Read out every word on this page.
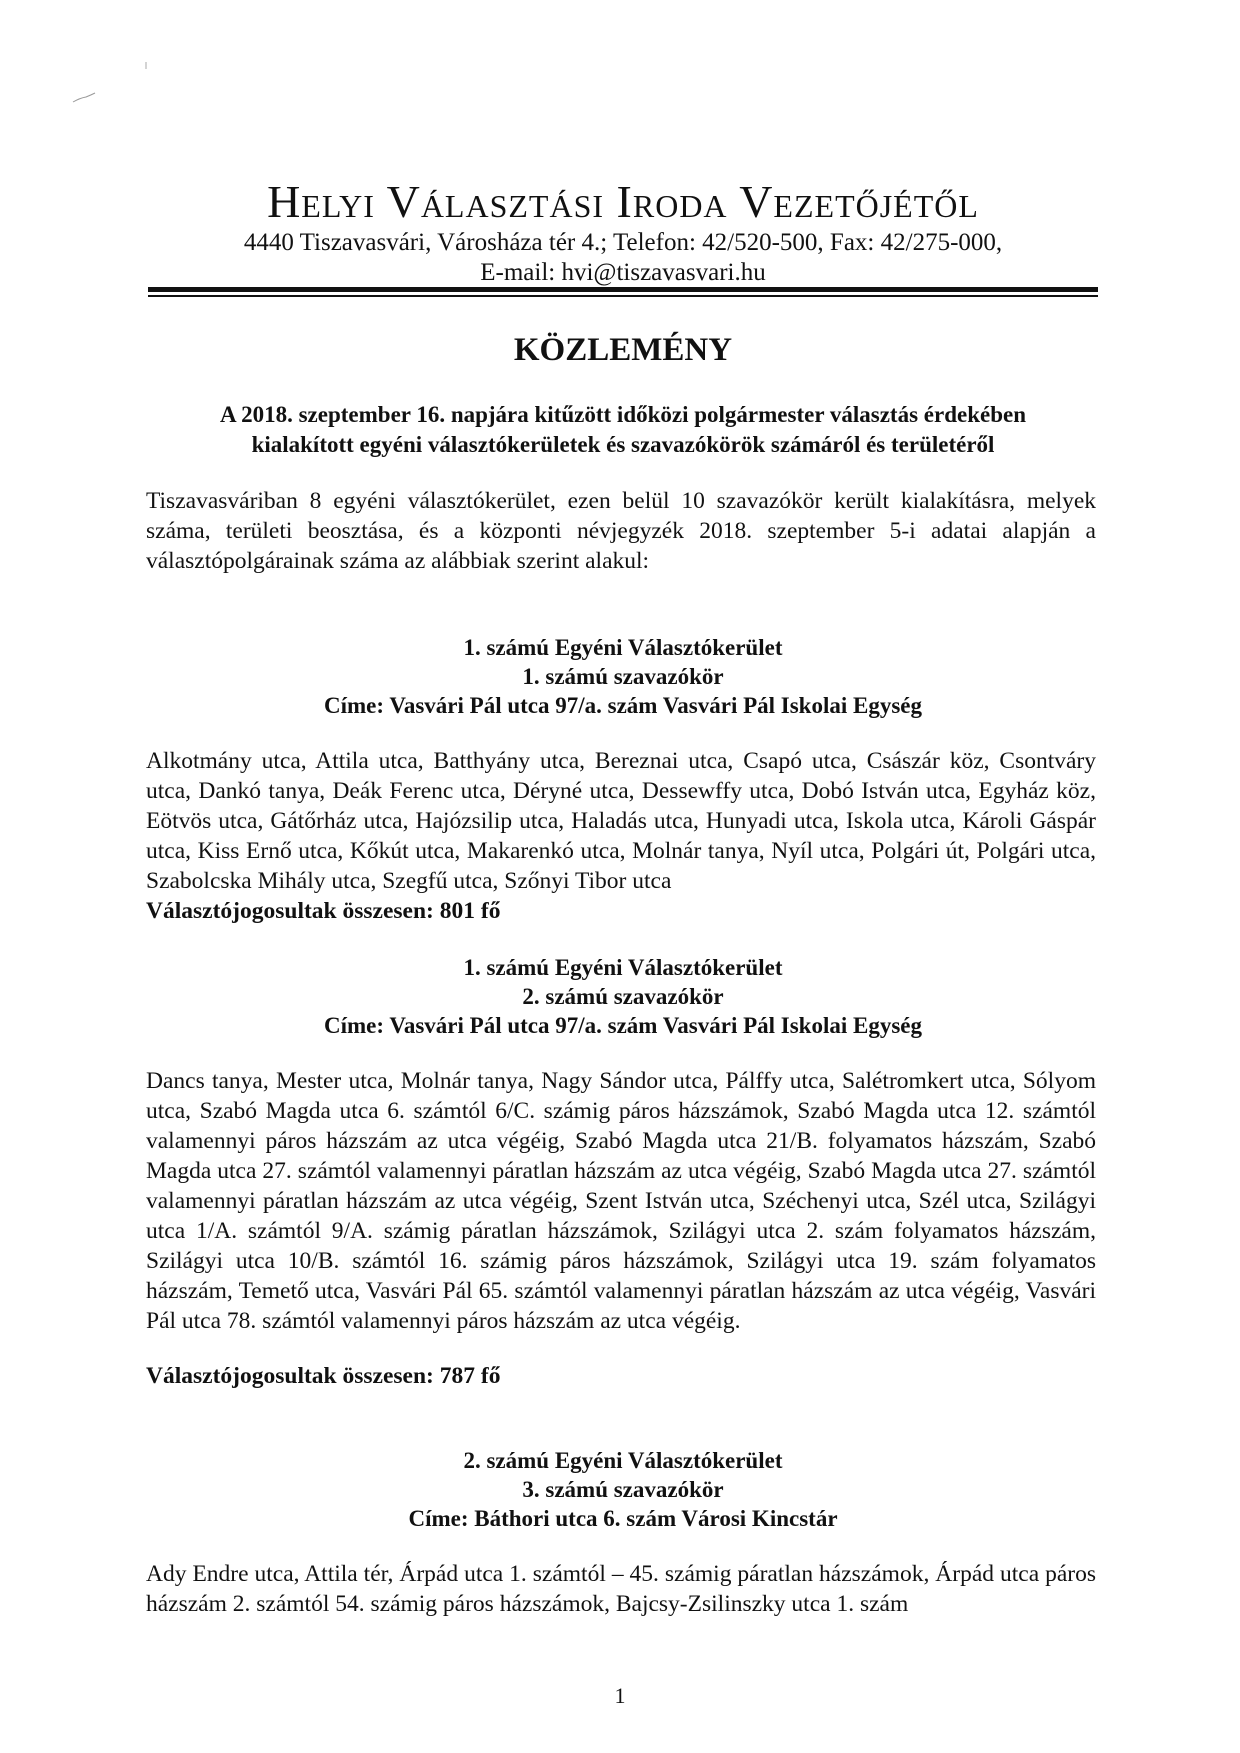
Helyi Választási Iroda Vezetőjétől

4440 Tiszavasvári, Városháza tér 4.; Telefon: 42/520-500, Fax: 42/275-000,

E-mail: hvi@tiszavasvari.hu

KÖZLEMÉNY
A 2018. szeptember 16. napjára kitűzött időközi polgármester választás érdekében
kialakított egyéni választókerületek és szavazókörök számáról és területéről

Tiszavasváriban 8 egyéni választókerület, ezen belül 10 szavazókör került kialakításra, melyek száma, területi beosztása, és a központi névjegyzék 2018. szeptember 5-i adatai alapján a választópolgárainak száma az alábbiak szerint alakul:

1. számú Egyéni Választókerület
1. számú szavazókör
Címe: Vasvári Pál utca 97/a. szám Vasvári Pál Iskolai Egység

Alkotmány utca, Attila utca, Batthyány utca, Bereznai utca, Csapó utca, Császár köz, Csontváry utca, Dankó tanya, Deák Ferenc utca, Déryné utca, Dessewffy utca, Dobó István utca, Egyház köz, Eötvös utca, Gátőrház utca, Hajózsilip utca, Haladás utca, Hunyadi utca, Iskola utca, Károli Gáspár utca, Kiss Ernő utca, Kőkút utca, Makarenkó utca, Molnár tanya, Nyíl utca, Polgári út, Polgári utca, Szabolcska Mihály utca, Szegfű utca, Szőnyi Tibor utca

Választójogosultak összesen: 801 fő

1. számú Egyéni Választókerület
2. számú szavazókör
Címe: Vasvári Pál utca 97/a. szám Vasvári Pál Iskolai Egység

Dancs tanya, Mester utca, Molnár tanya, Nagy Sándor utca, Pálffy utca, Salétromkert utca, Sólyom utca, Szabó Magda utca 6. számtól 6/C. számig páros házszámok, Szabó Magda utca 12. számtól valamennyi páros házszám az utca végéig, Szabó Magda utca 21/B. folyamatos házszám, Szabó Magda utca 27. számtól valamennyi páratlan házszám az utca végéig, Szabó Magda utca 27. számtól valamennyi páratlan házszám az utca végéig, Szent István utca, Széchenyi utca, Szél utca, Szilágyi utca 1/A. számtól 9/A. számig páratlan házszámok, Szilágyi utca 2. szám folyamatos házszám, Szilágyi utca 10/B. számtól 16. számig páros házszámok, Szilágyi utca 19. szám folyamatos házszám, Temető utca, Vasvári Pál 65. számtól valamennyi páratlan házszám az utca végéig, Vasvári Pál utca 78. számtól valamennyi páros házszám az utca végéig.

Választójogosultak összesen: 787 fő

2. számú Egyéni Választókerület
3. számú szavazókör
Címe: Báthori utca 6. szám Városi Kincstár

Ady Endre utca, Attila tér, Árpád utca 1. számtól – 45. számig páratlan házszámok, Árpád utca páros házszám 2. számtól 54. számig páros házszámok, Bajcsy-Zsilinszky utca 1. szám

1
